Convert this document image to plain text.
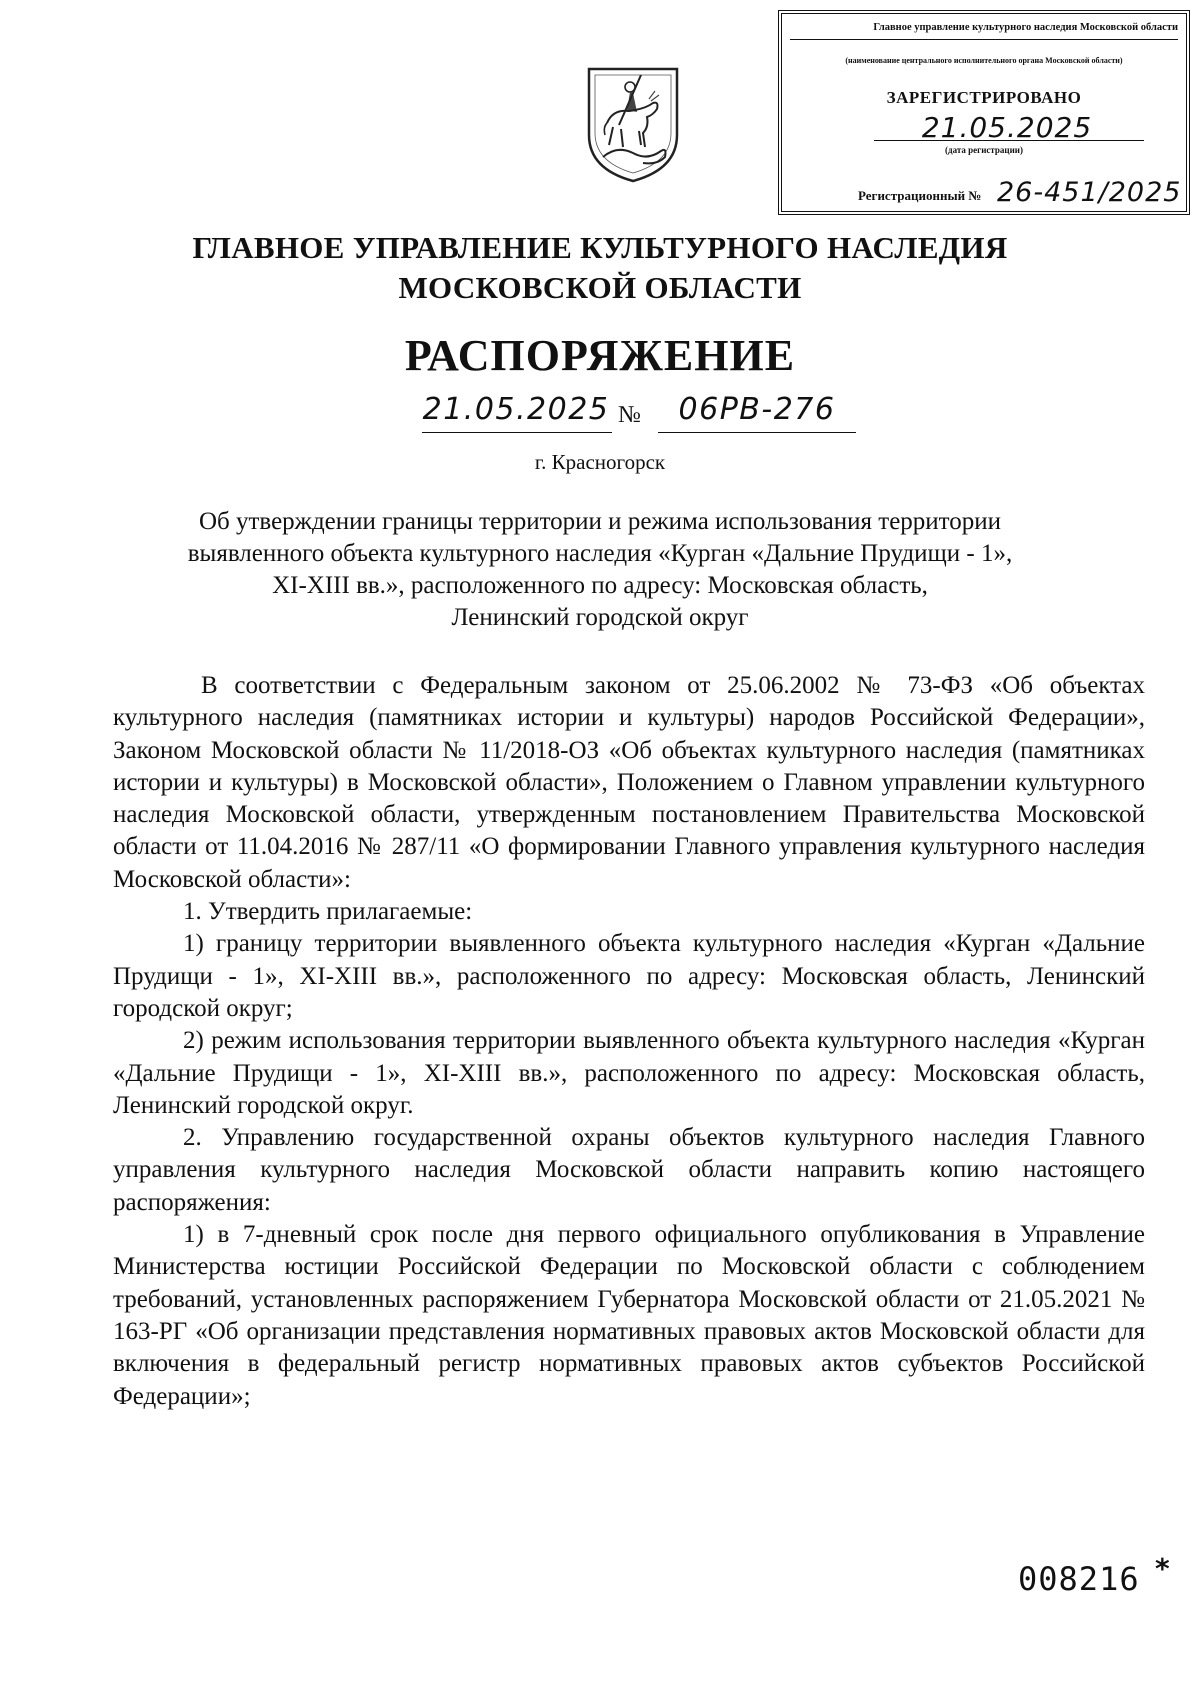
Главное управление культурного наследия Московской области
(наименование центрального исполнительного органа Московской области)
ЗАРЕГИСТРИРОВАНО
21.05.2025
(дата регистрации)
Регистрационный № 26-451/2025
ГЛАВНОЕ УПРАВЛЕНИЕ КУЛЬТУРНОГО НАСЛЕДИЯ
МОСКОВСКОЙ ОБЛАСТИ
РАСПОРЯЖЕНИЕ
21.05.2025 №	06РВ-276
г. Красногорск
Об утверждении границы территории и режима использования территории
выявленного объекта культурного наследия «Курган «Дальние Прудищи - 1»,
XI-XIII вв.», расположенного по адресу: Московская область,
Ленинский городской округ

В соответствии с Федеральным законом от 25.06.2002 № 73-ФЗ «Об объектах культурного наследия (памятниках истории и культуры) народов Российской Федерации», Законом Московской области № 11/2018-ОЗ «Об объектах культурного наследия (памятниках истории и культуры) в Московской области», Положением о Главном управлении культурного наследия Московской области, утвержденным постановлением Правительства Московской области от 11.04.2016 № 287/11 «О формировании Главного управления культурного наследия Московской области»:

1. Утвердить прилагаемые:

1) границу территории выявленного объекта культурного наследия «Курган «Дальние Прудищи - 1», XI-XIII вв.», расположенного по адресу: Московская область, Ленинский городской округ;

2) режим использования территории выявленного объекта культурного наследия «Курган «Дальние Прудищи - 1», XI-XIII вв.», расположенного по адресу: Московская область, Ленинский городской округ.

2. Управлению государственной охраны объектов культурного наследия Главного управления культурного наследия Московской области направить копию настоящего распоряжения:

1) в 7-дневный срок после дня первого официального опубликования в Управление Министерства юстиции Российской Федерации по Московской области с соблюдением требований, установленных распоряжением Губернатора Московской области от 21.05.2021 № 163-РГ «Об организации представления нормативных правовых актов Московской области для включения в федеральный регистр нормативных правовых актов субъектов Российской Федерации»;

008216 *
